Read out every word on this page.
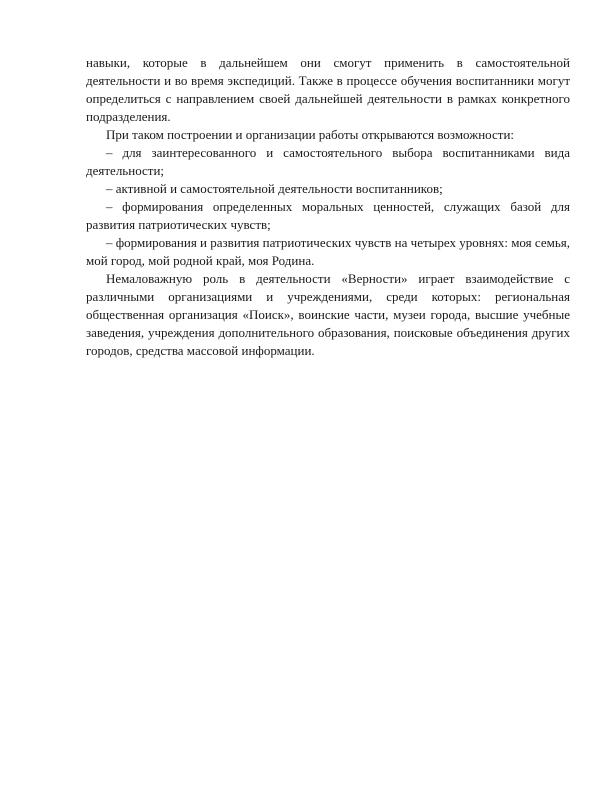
навыки, которые в дальнейшем они смогут применить в самостоятельной деятельности и во время экспедиций. Также в процессе обучения воспитанники могут определиться с направлением своей дальнейшей деятельности в рамках конкретного подразделения.

При таком построении и организации работы открываются возможности:

– для заинтересованного и самостоятельного выбора воспитанниками вида деятельности;

– активной и самостоятельной деятельности воспитанников;

– формирования определенных моральных ценностей, служащих базой для развития патриотических чувств;

– формирования и развития патриотических чувств на четырех уровнях: моя семья, мой город, мой родной край, моя Родина.

Немаловажную роль в деятельности «Верности» играет взаимодействие с различными организациями и учреждениями, среди которых: региональная общественная организация «Поиск», воинские части, музеи города, высшие учебные заведения, учреждения дополнительного образования, поисковые объединения других городов, средства массовой информации.
